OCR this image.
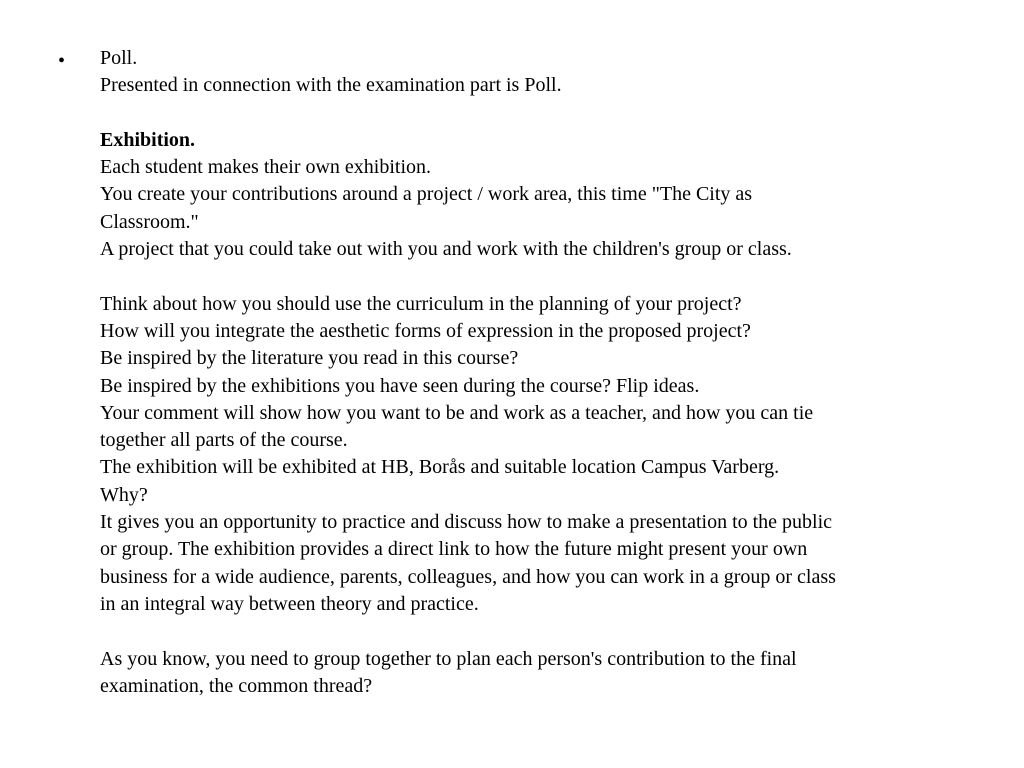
• Poll.
Presented in connection with the examination part is Poll.
Exhibition.
Each student makes their own exhibition.
You create your contributions around a project / work area, this time "The City as
Classroom."
A project that you could take out with you and work with the children's group or class.
Think about how you should use the curriculum in the planning of your project?
How will you integrate the aesthetic forms of expression in the proposed project?
Be inspired by the literature you read in this course?
Be inspired by the exhibitions you have seen during the course? Flip ideas.
Your comment will show how you want to be and work as a teacher, and how you can tie
together all parts of the course.
The exhibition will be exhibited at HB, Borås and suitable location Campus Varberg.
Why?
It gives you an opportunity to practice and discuss how to make a presentation to the public
or group. The exhibition provides a direct link to how the future might present your own
business for a wide audience, parents, colleagues, and how you can work in a group or class
in an integral way between theory and practice.
As you know, you need to group together to plan each person's contribution to the final
examination, the common thread?
